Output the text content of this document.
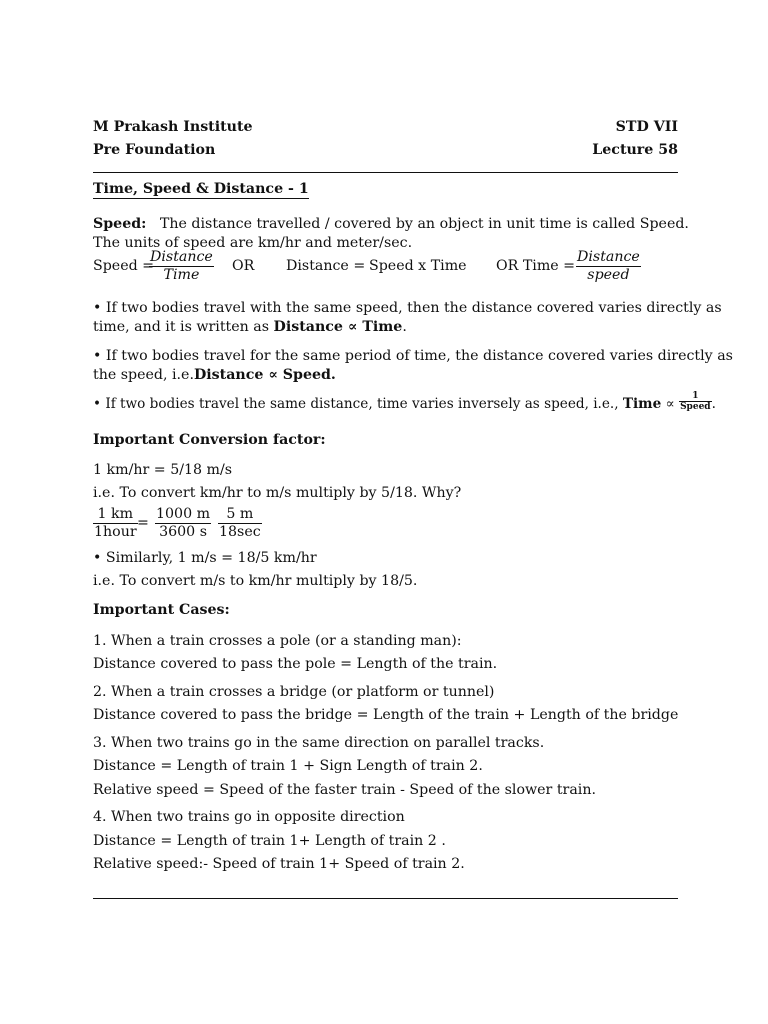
M Prakash Institute	STD VII
Pre Foundation	Lecture 58
Time, Speed & Distance - 1
Speed: The distance travelled / covered by an object in unit time is called Speed.
The units of speed are km/hr and meter/sec.
Speed =
Distance
Time
OR Distance = Speed x Time OR Time =
Distance
speed
• If two bodies travel with the same speed, then the distance covered varies directly as
time, and it is written as Distance ∝ Time.
• If two bodies travel for the same period of time, the distance covered varies directly as
the speed, i.e.Distance ∝ Speed.
• If two bodies travel the same distance, time varies inversely as speed, i.e., Time ∝ $\frac{1}{\text{Speed}}$ .
Important Conversion factor:
1 km/hr = 5/18 m/s
i.e. To convert km/hr to m/s multiply by 5/18. Why?
1 km
1hour
= $\frac{1000 m}{3600 s}$	5 m
18sec
• Similarly, 1 m/s = 18/5 km/hr
i.e. To convert m/s to km/hr multiply by 18/5.
Important Cases:
1. When a train crosses a pole (or a standing man):
Distance covered to pass the pole = Length of the train.
2. When a train crosses a bridge (or platform or tunnel)
Distance covered to pass the bridge = Length of the train + Length of the bridge
3. When two trains go in the same direction on parallel tracks.
Distance = Length of train 1 + Sign Length of train 2.
Relative speed = Speed of the faster train - Speed of the slower train.
4. When two trains go in opposite direction
Distance = Length of train 1+ Length of train 2 .
Relative speed:- Speed of train 1+ Speed of train 2.
